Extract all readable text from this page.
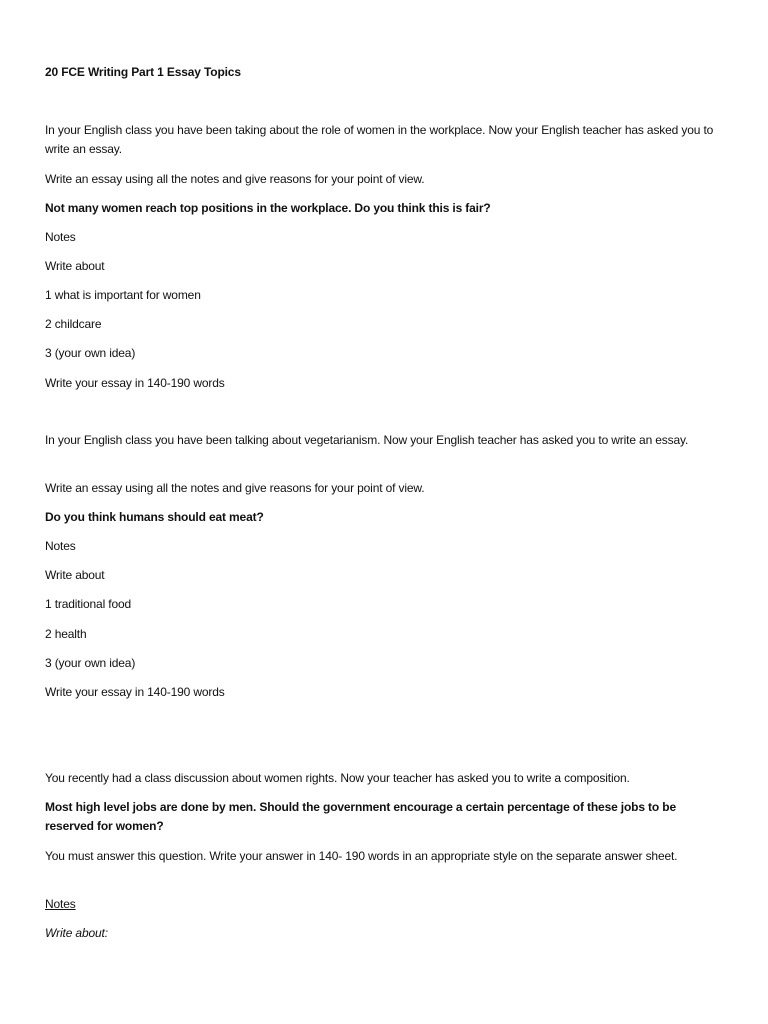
20 FCE Writing Part 1 Essay Topics

In your English class you have been taking about the role of women in the workplace. Now your English teacher has asked you to write an essay.

Write an essay using all the notes and give reasons for your point of view.

Not many women reach top positions in the workplace. Do you think this is fair?

Notes

Write about

1 what is important for women

2 childcare

3 (your own idea)

Write your essay in 140-190 words

In your English class you have been talking about vegetarianism. Now your English teacher has asked you to write an essay.

Write an essay using all the notes and give reasons for your point of view.

Do you think humans should eat meat?

Notes

Write about

1 traditional food

2 health

3 (your own idea)

Write your essay in 140-190 words

You recently had a class discussion about women rights. Now your teacher has asked you to write a composition.

Most high level jobs are done by men. Should the government encourage a certain percentage of these jobs to be reserved for women?

You must answer this question. Write your answer in 140- 190 words in an appropriate style on the separate answer sheet.

Notes

Write about:
